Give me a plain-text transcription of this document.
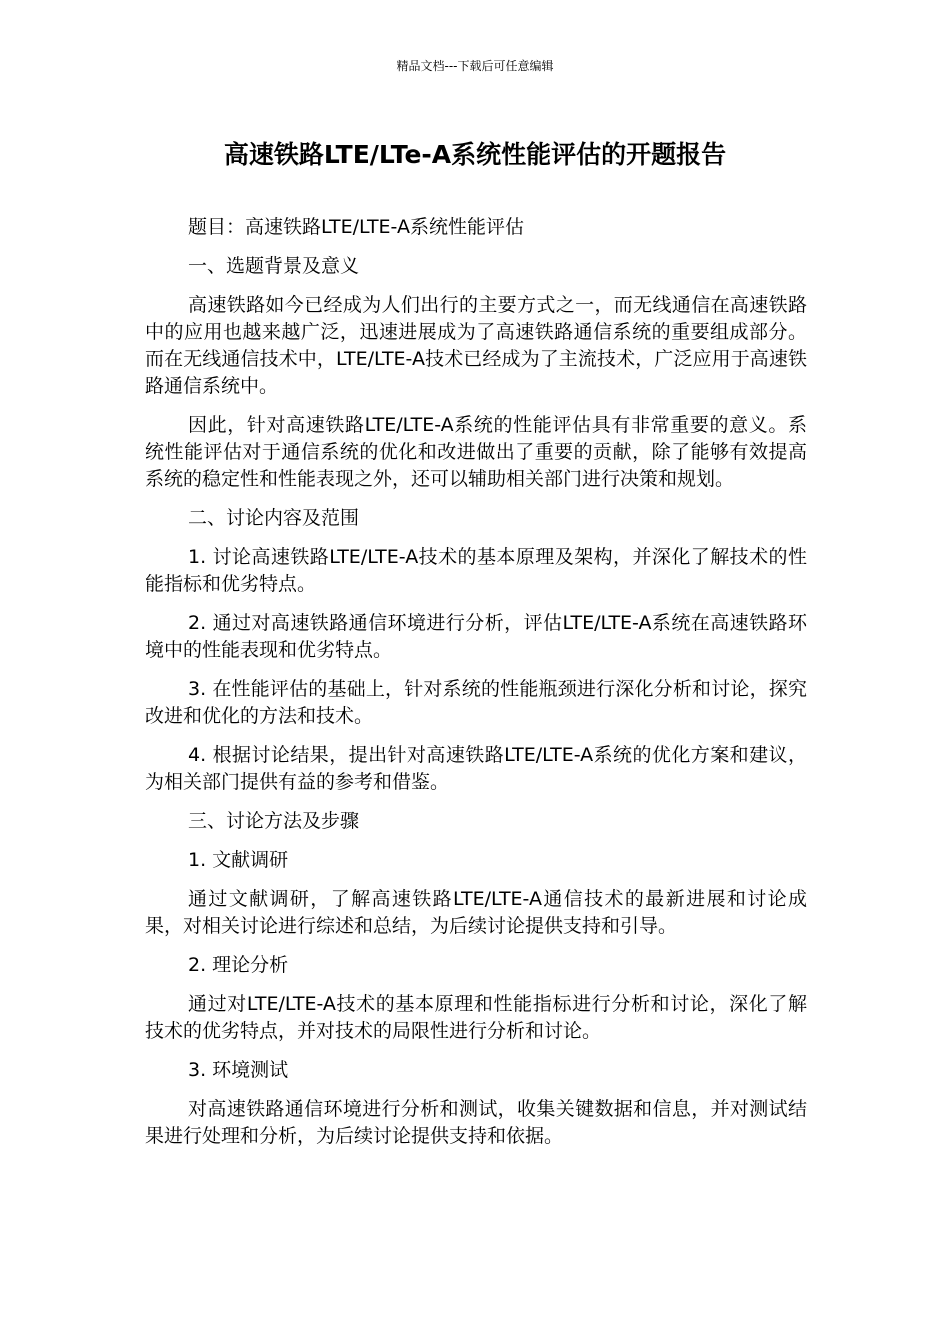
精品文档---下载后可任意编辑
高速铁路LTE/LTe-A系统性能评估的开题报告

题目：高速铁路LTE/LTE-A系统性能评估

一、选题背景及意义

高速铁路如今已经成为人们出行的主要方式之一，而无线通信在高速铁路中的应用也越来越广泛，迅速进展成为了高速铁路通信系统的重要组成部分。而在无线通信技术中，LTE/LTE-A技术已经成为了主流技术，广泛应用于高速铁路通信系统中。

因此，针对高速铁路LTE/LTE-A系统的性能评估具有非常重要的意义。系统性能评估对于通信系统的优化和改进做出了重要的贡献，除了能够有效提高系统的稳定性和性能表现之外，还可以辅助相关部门进行决策和规划。

二、讨论内容及范围

1. 讨论高速铁路LTE/LTE-A技术的基本原理及架构，并深化了解技术的性能指标和优劣特点。

2. 通过对高速铁路通信环境进行分析，评估LTE/LTE-A系统在高速铁路环境中的性能表现和优劣特点。

3. 在性能评估的基础上，针对系统的性能瓶颈进行深化分析和讨论，探究改进和优化的方法和技术。

4. 根据讨论结果，提出针对高速铁路LTE/LTE-A系统的优化方案和建议，为相关部门提供有益的参考和借鉴。

三、讨论方法及步骤

1. 文献调研

通过文献调研，了解高速铁路LTE/LTE-A通信技术的最新进展和讨论成果，对相关讨论进行综述和总结，为后续讨论提供支持和引导。

2. 理论分析

通过对LTE/LTE-A技术的基本原理和性能指标进行分析和讨论，深化了解技术的优劣特点，并对技术的局限性进行分析和讨论。

3. 环境测试

对高速铁路通信环境进行分析和测试，收集关键数据和信息，并对测试结果进行处理和分析，为后续讨论提供支持和依据。
